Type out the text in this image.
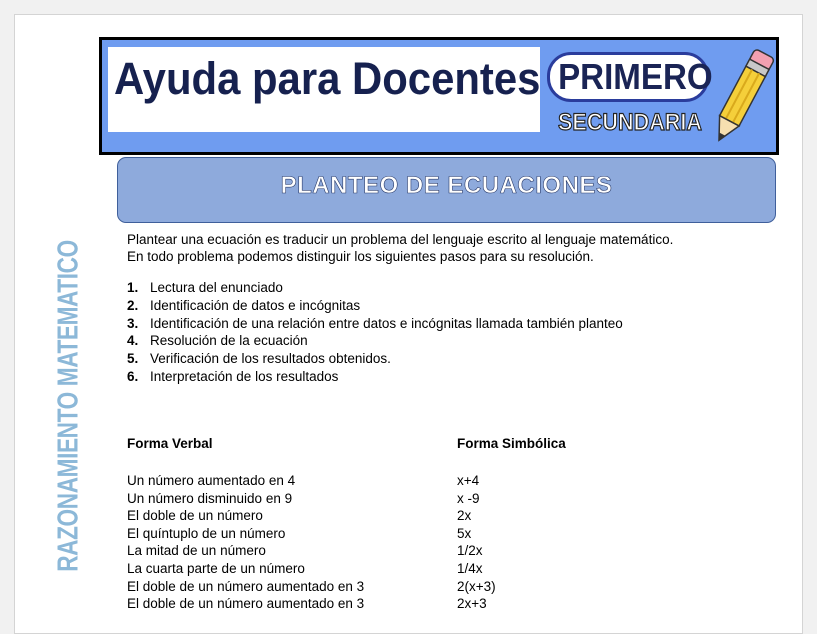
Ayuda para Docentes PRIMERO
SECUNDARIA
PLANTEO DE ECUACIONES
RAZONAMIENTO MATEMATICO

Plantear una ecuación es traducir un problema del lenguaje escrito al lenguaje matemático.
En todo problema podemos distinguir los siguientes pasos para su resolución.

1. Lectura del enunciado
2. Identificación de datos e incógnitas
3. Identificación de una relación entre datos e incógnitas llamada también planteo
4. Resolución de la ecuación
5. Verificación de los resultados obtenidos.
6. Interpretación de los resultados
Forma Verbal	Forma Simbólica
Un número aumentado en 4	x+4
Un número disminuido en 9	x -9
El doble de un número	2x
El quíntuplo de un número	5x
La mitad de un número	1/2x
La cuarta parte de un número	1/4x
El doble de un número aumentado en 3	2(x+3)
El doble de un número aumentado en 3	2x+3
